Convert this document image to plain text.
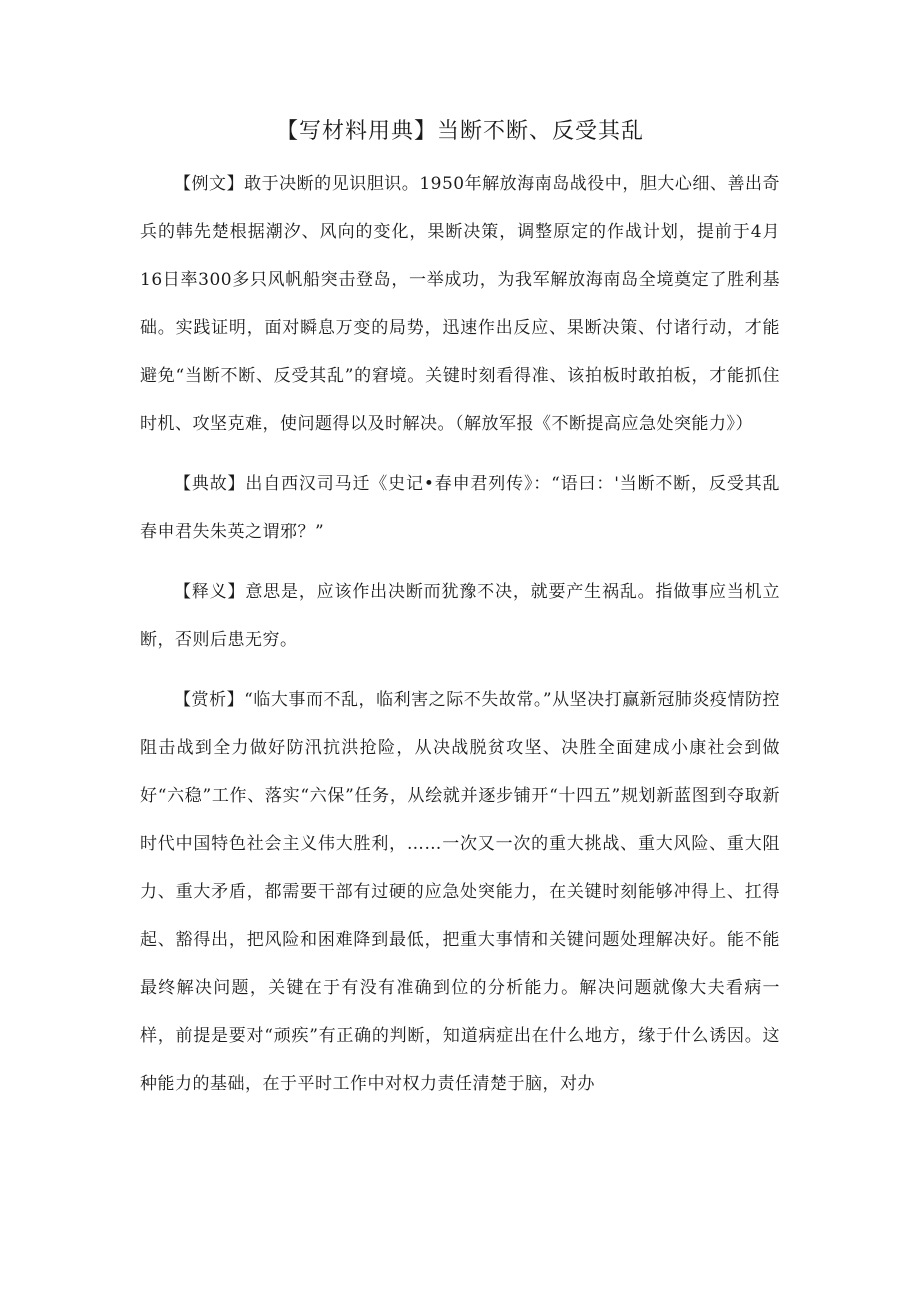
【写材料用典】当断不断、反受其乱

【例文】敢于决断的见识胆识。1950年解放海南岛战役中，胆大心细、善出奇兵的韩先楚根据潮汐、风向的变化，果断决策，调整原定的作战计划，提前于4月16日率300多只风帆船突击登岛，一举成功，为我军解放海南岛全境奠定了胜利基础。实践证明，面对瞬息万变的局势，迅速作出反应、果断决策、付诸行动，才能避免“当断不断、反受其乱”的窘境。关键时刻看得准、该拍板时敢拍板，才能抓住时机、攻坚克难，使问题得以及时解决。（解放军报《不断提高应急处突能力》）

【典故】出自西汉司马迁《史记•春申君列传》：“语曰：'当断不断，反受其乱春申君失朱英之谓邪？”

【释义】意思是，应该作出决断而犹豫不决，就要产生祸乱。指做事应当机立断，否则后患无穷。

【赏析】“临大事而不乱，临利害之际不失故常。”从坚决打赢新冠肺炎疫情防控阻击战到全力做好防汛抗洪抢险，从决战脱贫攻坚、决胜全面建成小康社会到做好“六稳”工作、落实“六保”任务，从绘就并逐步铺开“十四五”规划新蓝图到夺取新时代中国特色社会主义伟大胜利，……一次又一次的重大挑战、重大风险、重大阻力、重大矛盾，都需要干部有过硬的应急处突能力，在关键时刻能够冲得上、扛得起、豁得出，把风险和困难降到最低，把重大事情和关键问题处理解决好。能不能最终解决问题，关键在于有没有准确到位的分析能力。解决问题就像大夫看病一样，前提是要对“顽疾”有正确的判断，知道病症出在什么地方，缘于什么诱因。这种能力的基础，在于平时工作中对权力责任清楚于脑，对办
